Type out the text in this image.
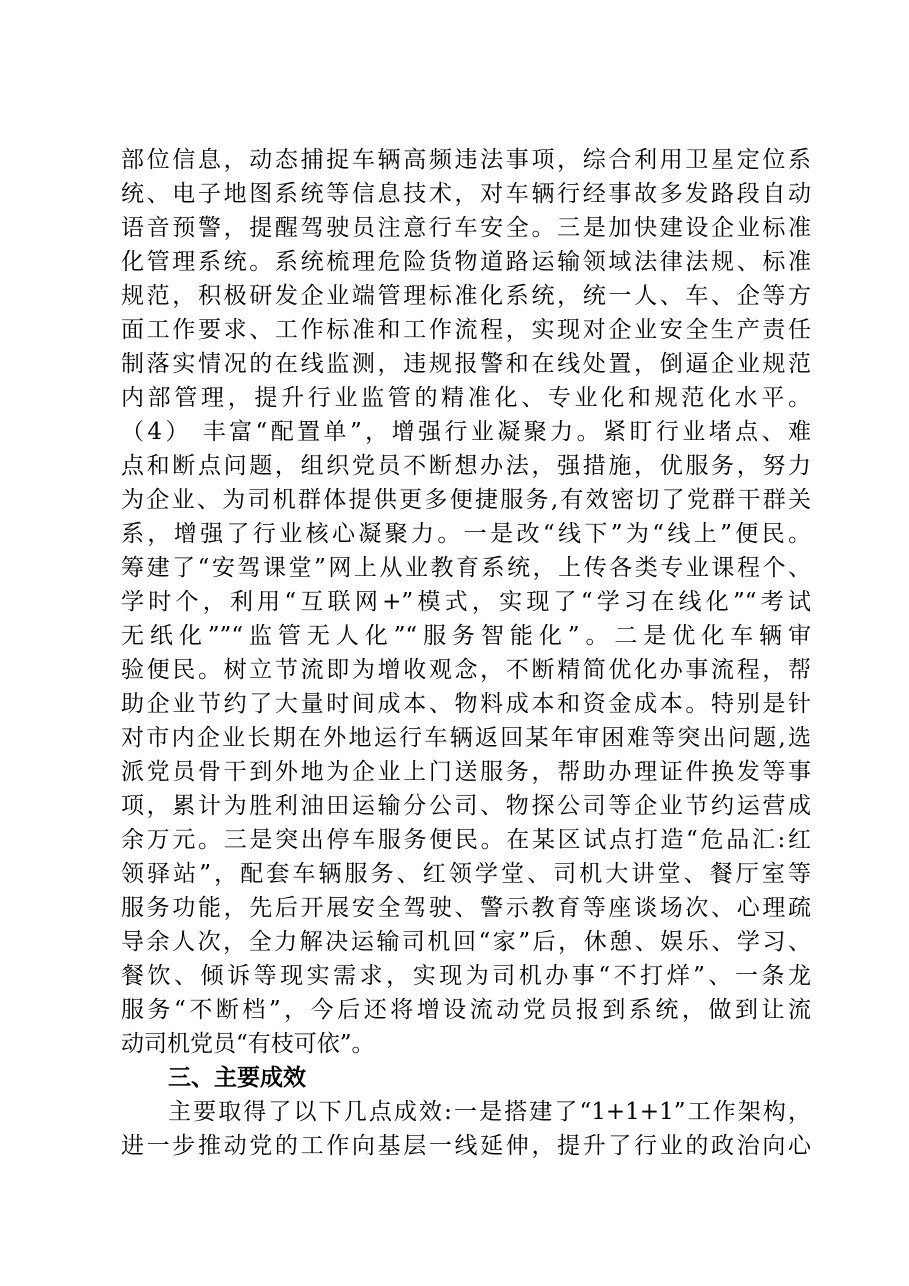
部位信息，动态捕捉车辆高频违法事项，综合利用卫星定位系
统、电子地图系统等信息技术，对车辆行经事故多发路段自动
语音预警，提醒驾驶员注意行车安全。三是加快建设企业标准
化管理系统。系统梳理危险货物道路运输领域法律法规、标准
规范，积极研发企业端管理标准化系统，统一人、车、企等方
面工作要求、工作标准和工作流程，实现对企业安全生产责任
制落实情况的在线监测，违规报警和在线处置，倒逼企业规范
内部管理，提升行业监管的精准化、专业化和规范化水平。
（4） 丰富“配置单”，增强行业凝聚力。紧盯行业堵点、难
点和断点问题，组织党员不断想办法，强措施，优服务，努力
为企业、为司机群体提供更多便捷服务,有效密切了党群干群关
系，增强了行业核心凝聚力。一是改“线下”为“线上”便民。
筹建了“安驾课堂”网上从业教育系统，上传各类专业课程个、
学时个，利用“互联网+”模式，实现了“学习在线化”“考试
无纸化””“监管无人化”“服务智能化”。二是优化车辆审
验便民。树立节流即为增收观念，不断精简优化办事流程，帮
助企业节约了大量时间成本、物料成本和资金成本。特别是针
对市内企业长期在外地运行车辆返回某年审困难等突出问题,选
派党员骨干到外地为企业上门送服务，帮助办理证件换发等事
项，累计为胜利油田运输分公司、物探公司等企业节约运营成
余万元。三是突出停车服务便民。在某区试点打造“危品汇:红
领驿站”，配套车辆服务、红领学堂、司机大讲堂、餐厅室等
服务功能，先后开展安全驾驶、警示教育等座谈场次、心理疏
导余人次，全力解决运输司机回“家”后，休憩、娱乐、学习、
餐饮、倾诉等现实需求，实现为司机办事“不打烊”、一条龙
服务“不断档”，今后还将增设流动党员报到系统，做到让流
动司机党员“有枝可依”。
三、主要成效
主要取得了以下几点成效:一是搭建了“1+1+1”工作架构，
进一步推动党的工作向基层一线延伸，提升了行业的政治向心
